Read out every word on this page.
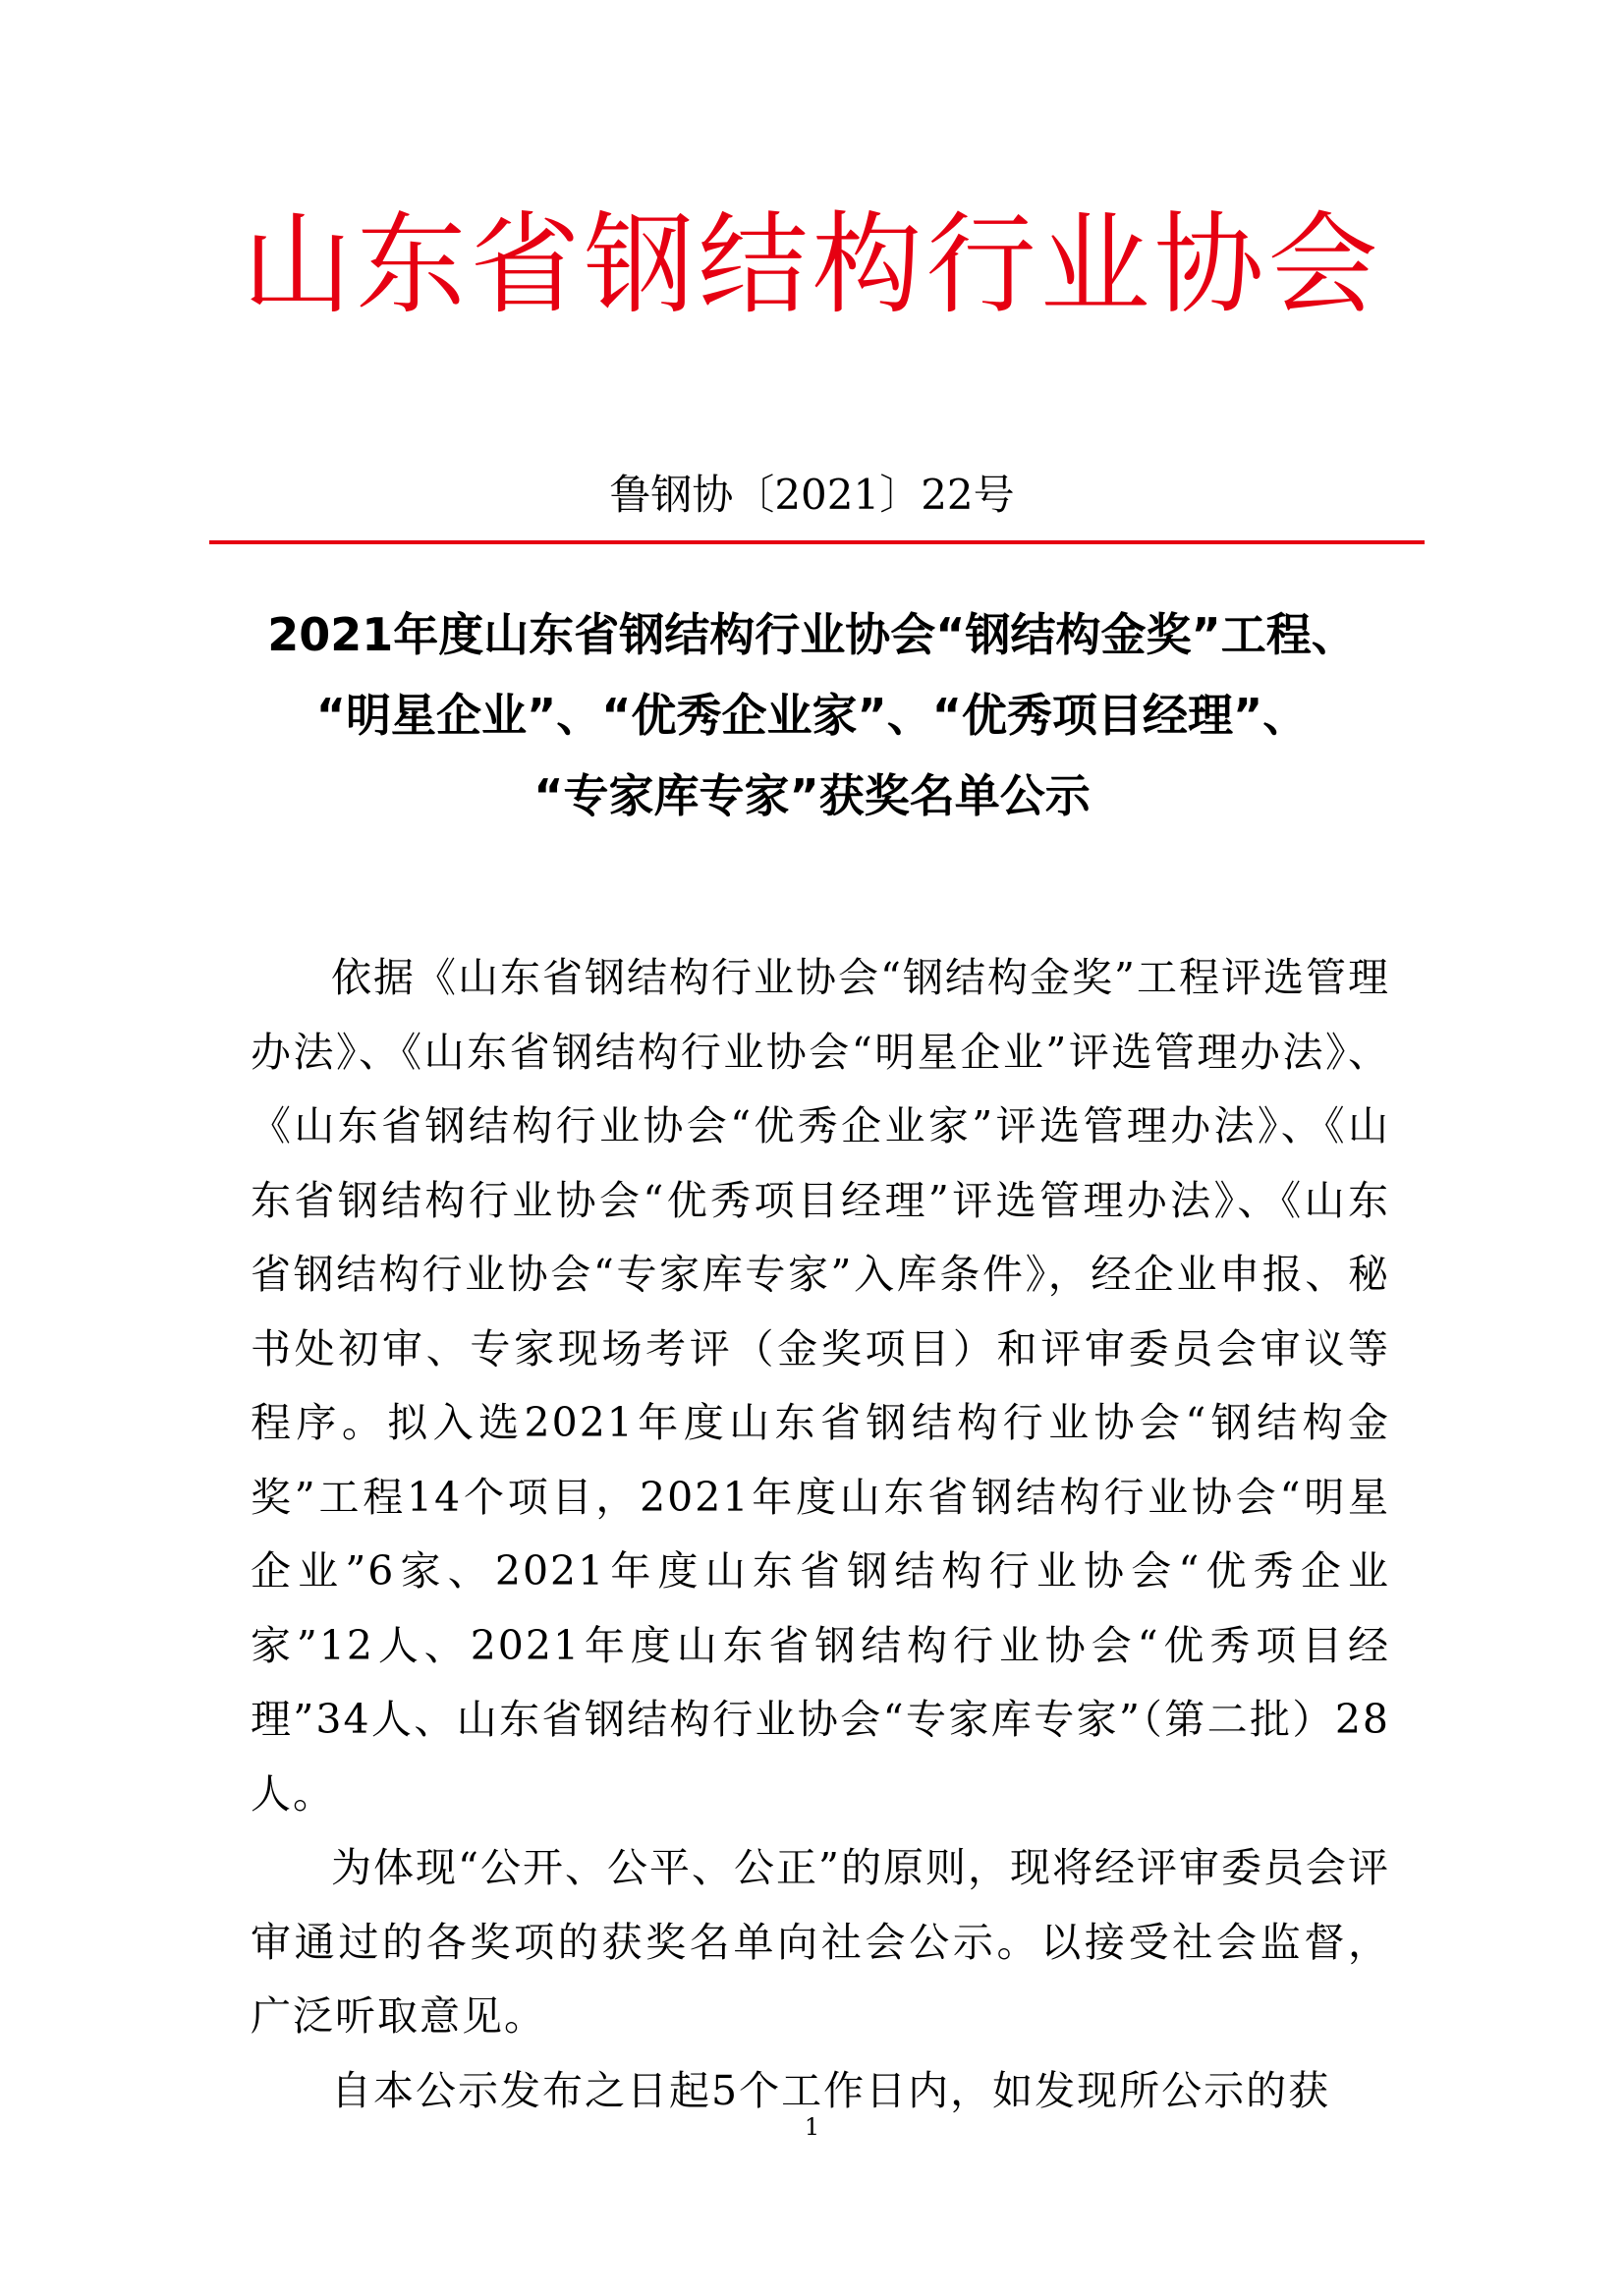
山东省钢结构行业协会
鲁钢协〔2021〕22号
2021年度山东省钢结构行业协会“钢结构金奖”工程、
“明星企业”、“优秀企业家”、“优秀项目经理”、
“专家库专家”获奖名单公示

依据《山东省钢结构行业协会“钢结构金奖”工程评选管理办法》、《山东省钢结构行业协会“明星企业”评选管理办法》、《山东省钢结构行业协会“优秀企业家”评选管理办法》、《山东省钢结构行业协会“优秀项目经理”评选管理办法》、《山东省钢结构行业协会“专家库专家”入库条件》，经企业申报、秘书处初审、专家现场考评（金奖项目）和评审委员会审议等程序。拟入选2021年度山东省钢结构行业协会“钢结构金奖”工程14个项目，2021年度山东省钢结构行业协会“明星企业”6家、2021年度山东省钢结构行业协会“优秀企业家”12人、2021年度山东省钢结构行业协会“优秀项目经理”34人、山东省钢结构行业协会“专家库专家”（第二批）28人。

为体现“公开、公平、公正”的原则，现将经评审委员会评审通过的各奖项的获奖名单向社会公示。以接受社会监督，广泛听取意见。

自本公示发布之日起5个工作日内，如发现所公示的获

1
